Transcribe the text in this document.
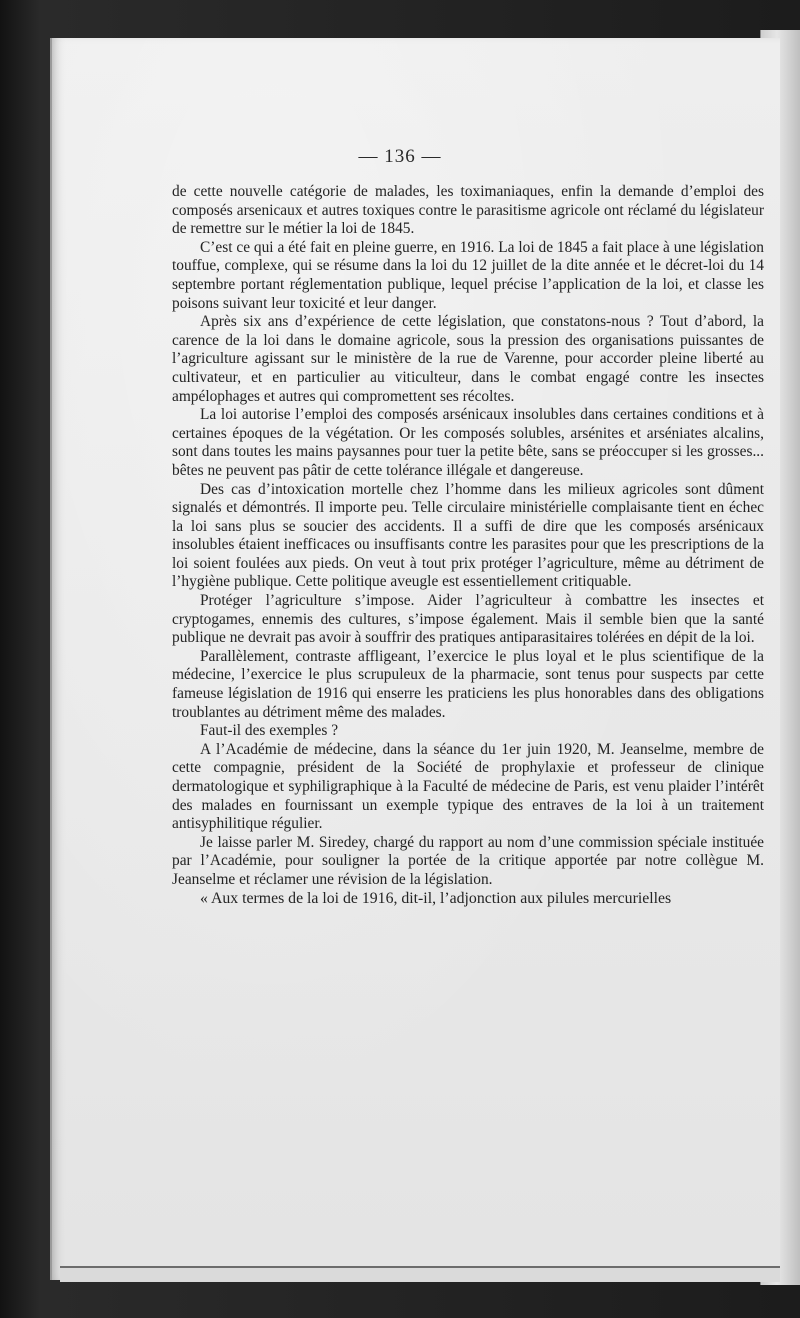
— 136 —

de cette nouvelle catégorie de malades, les toximaniaques, enfin la demande d’emploi des composés arsenicaux et autres toxiques contre le parasitisme agricole ont réclamé du législateur de remettre sur le métier la loi de 1845.

C’est ce qui a été fait en pleine guerre, en 1916. La loi de 1845 a fait place à une législation touffue, complexe, qui se résume dans la loi du 12 juillet de la dite année et le décret-loi du 14 septembre portant réglementation publique, lequel précise l’application de la loi, et classe les poisons suivant leur toxicité et leur danger.

Après six ans d’expérience de cette législation, que constatons-nous ? Tout d’abord, la carence de la loi dans le domaine agricole, sous la pression des organisations puissantes de l’agriculture agissant sur le ministère de la rue de Varenne, pour accorder pleine liberté au cultivateur, et en particulier au viticulteur, dans le combat engagé contre les insectes ampélophages et autres qui compromettent ses récoltes.

La loi autorise l’emploi des composés arsénicaux insolubles dans certaines conditions et à certaines époques de la végétation. Or les composés solubles, arsénites et arséniates alcalins, sont dans toutes les mains paysannes pour tuer la petite bête, sans se préoccuper si les grosses... bêtes ne peuvent pas pâtir de cette tolérance illégale et dangereuse.

Des cas d’intoxication mortelle chez l’homme dans les milieux agricoles sont dûment signalés et démontrés. Il importe peu. Telle circulaire ministérielle complaisante tient en échec la loi sans plus se soucier des accidents. Il a suffi de dire que les composés arsénicaux insolubles étaient inefficaces ou insuffisants contre les parasites pour que les prescriptions de la loi soient foulées aux pieds. On veut à tout prix protéger l’agriculture, même au détriment de l’hygiène publique. Cette politique aveugle est essentiellement critiquable.

Protéger l’agriculture s’impose. Aider l’agriculteur à combattre les insectes et cryptogames, ennemis des cultures, s’impose également. Mais il semble bien que la santé publique ne devrait pas avoir à souffrir des pratiques antiparasitaires tolérées en dépit de la loi.

Parallèlement, contraste affligeant, l’exercice le plus loyal et le plus scientifique de la médecine, l’exercice le plus scrupuleux de la pharmacie, sont tenus pour suspects par cette fameuse législation de 1916 qui enserre les praticiens les plus honorables dans des obligations troublantes au détriment même des malades.

Faut-il des exemples ?

A l’Académie de médecine, dans la séance du 1er juin 1920, M. Jeanselme, membre de cette compagnie, président de la Société de prophylaxie et professeur de clinique dermatologique et syphiligraphique à la Faculté de médecine de Paris, est venu plaider l’intérêt des malades en fournissant un exemple typique des entraves de la loi à un traitement antisyphilitique régulier.

Je laisse parler M. Siredey, chargé du rapport au nom d’une commission spéciale instituée par l’Académie, pour souligner la portée de la critique apportée par notre collègue M. Jeanselme et réclamer une révision de la législation.

« Aux termes de la loi de 1916, dit-il, l’adjonction aux pilules mercurielles
